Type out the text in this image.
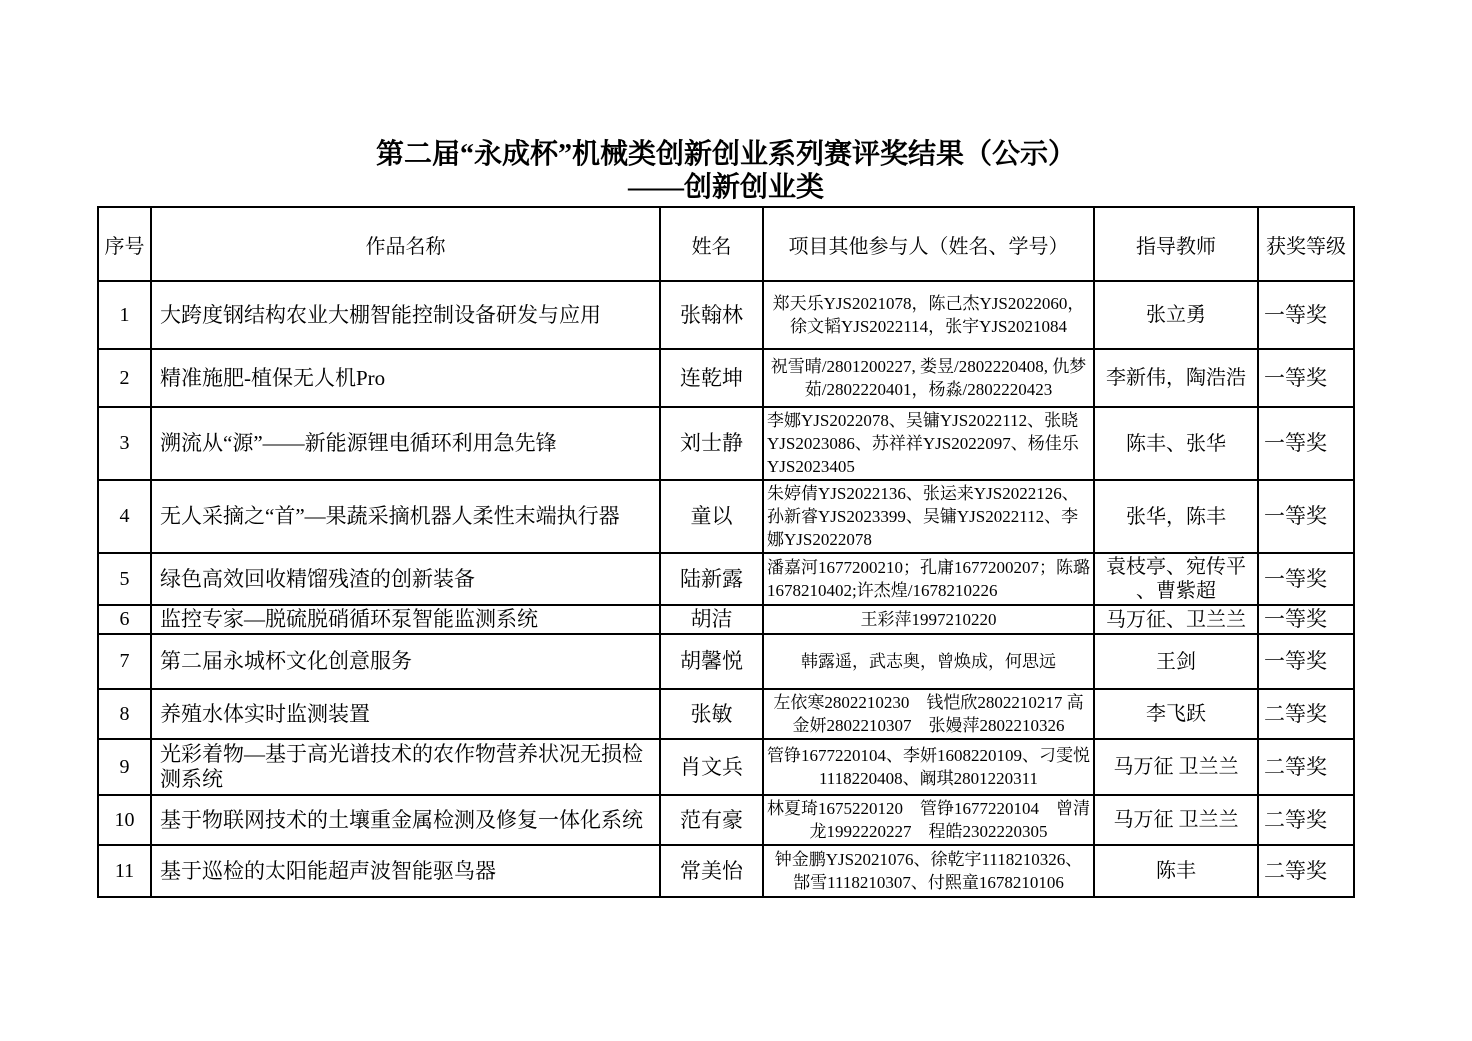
第二届“永成杯”机械类创新创业系列赛评奖结果（公示）
——创新创业类
序号	作品名称	姓名	项目其他参与人（姓名、学号）	指导教师	获奖等级
1	大跨度钢结构农业大棚智能控制设备研发与应用	张翰林	郑天乐YJS2021078，陈己杰YJS2022060，徐文韬YJS2022114，张宇YJS2021084	张立勇	一等奖
2	精准施肥-植保无人机Pro	连乾坤	祝雪晴/2801200227, 娄昱/2802220408, 仇梦茹/2802220401，杨淼/2802220423	李新伟，陶浩浩	一等奖
3	溯流从“源”——新能源锂电循环利用急先锋	刘士静	李娜YJS2022078、吴镛YJS2022112、张晓YJS2023086、苏祥祥YJS2022097、杨佳乐YJS2023405	陈丰、张华	一等奖
4	无人采摘之“首”—果蔬采摘机器人柔性末端执行器	童以	朱婷倩YJS2022136、张运来YJS2022126、孙新睿YJS2023399、吴镛YJS2022112、李娜YJS2022078	张华，陈丰	一等奖
5	绿色高效回收精馏残渣的创新装备	陆新露	潘嘉河1677200210；孔庸1677200207；陈璐1678210402;许杰煌/1678210226	袁枝亭、宛传平、曹紫超	一等奖
6	监控专家—脱硫脱硝循环泵智能监测系统	胡洁	王彩萍1997210220	马万征、卫兰兰	一等奖
7	第二届永城杯文化创意服务	胡馨悦	韩露遥，武志奥，曾焕成，何思远	王剑	一等奖
8	养殖水体实时监测装置	张敏	左依寒2802210230　钱恺欣2802210217 高金妍2802210307　张嫚萍2802210326	李飞跃	二等奖
9	光彩着物—基于高光谱技术的农作物营养状况无损检测系统	肖文兵	管铮1677220104、李妍1608220109、刁雯悦1118220408、阚琪2801220311	马万征 卫兰兰	二等奖
10	基于物联网技术的土壤重金属检测及修复一体化系统	范有豪	林夏琦1675220120　管铮1677220104　曾清龙1992220227　程皓2302220305	马万征 卫兰兰	二等奖
11	基于巡检的太阳能超声波智能驱鸟器	常美怡	钟金鹏YJS2021076、徐乾宇1118210326、郜雪1118210307、付熙童1678210106	陈丰	二等奖
